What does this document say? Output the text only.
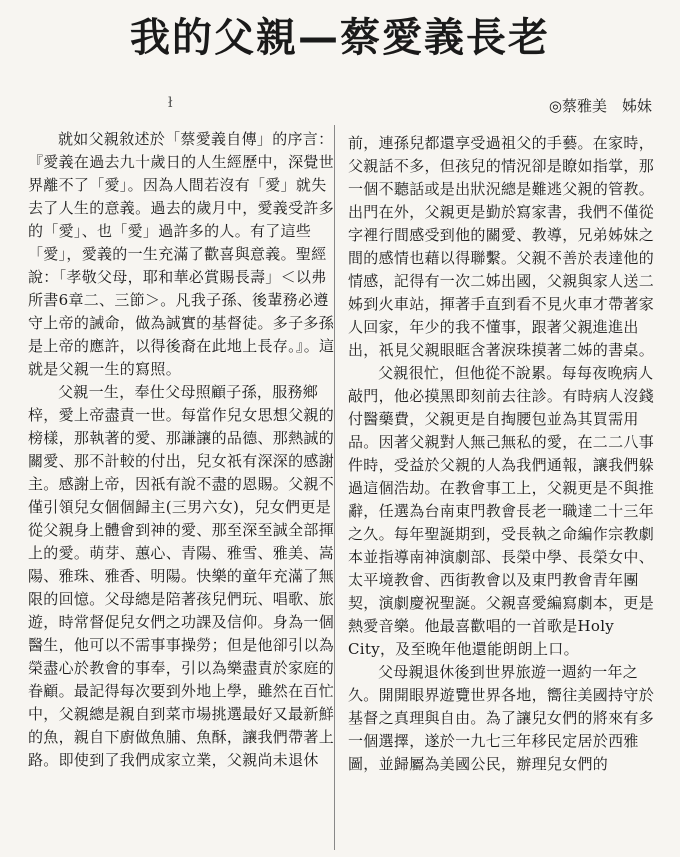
我的父親—蔡愛義長老
ł	◎蔡雅美　姊妹

就如父親敘述於「蔡愛義自傳」的序言：『愛義在過去九十歲日的人生經歷中，深覺世界離不了「愛」。因為人間若沒有「愛」就失去了人生的意義。過去的歲月中，愛義受許多的「愛」、也「愛」過許多的人。有了這些「愛」，愛義的一生充滿了歡喜與意義。聖經說：「孝敬父母，耶和華必賞賜長壽」＜以弗所書6章二、三節＞。凡我子孫、後輩務必遵守上帝的誡命，做為誠實的基督徒。多子多孫是上帝的應許，以得後裔在此地上長存。』。這就是父親一生的寫照。

父親一生，奉仕父母照顧子孫，服務鄉梓，愛上帝盡責一世。每當作兒女思想父親的榜樣，那執著的愛、那謙讓的品德、那熱誠的關愛、那不計較的付出，兒女祇有深深的感謝主。感謝上帝，因祇有說不盡的恩賜。父親不僅引領兒女個個歸主(三男六女)，兒女們更是從父親身上體會到神的愛、那至深至誠全部揮上的愛。萌芽、蕙心、青陽、雅雪、雅美、嵩陽、雅珠、雅香、明陽。快樂的童年充滿了無限的回憶。父母總是陪著孩兒們玩、唱歌、旅遊，時常督促兒女們之功課及信仰。身為一個醫生，他可以不需事事操勞；但是他卻引以為榮盡心於教會的事奉，引以為樂盡責於家庭的眷顧。最記得每次要到外地上學，雖然在百忙中，父親總是親自到菜市場挑選最好又最新鮮的魚，親自下廚做魚脯、魚酥，讓我們帶著上路。即使到了我們成家立業，父親尚未退休

前，連孫兒都還享受過祖父的手藝。在家時，父親話不多，但孩兒的情況卻是瞭如指掌，那一個不聽話或是出狀況總是難逃父親的管教。出門在外，父親更是勤於寫家書，我們不僅從字裡行間感受到他的關愛、教導，兄弟姊妹之間的感情也藉以得聯繫。父親不善於表達他的情感，記得有一次二姊出國，父親與家人送二姊到火車站，揮著手直到看不見火車才帶著家人回家，年少的我不懂事，跟著父親進進出出，祇見父親眼眶含著淚珠摸著二姊的書桌。

父親很忙，但他從不說累。每每夜晚病人敲門，他必摸黑即刻前去往診。有時病人沒錢付醫藥費，父親更是自掏腰包並為其買需用品。因著父親對人無己無私的愛，在二二八事件時，受益於父親的人為我們通報，讓我們躲過這個浩劫。在教會事工上，父親更是不與推辭，任選為台南東門教會長老一職達二十三年之久。每年聖誕期到，受長執之命編作宗教劇本並指導南神演劇部、長榮中學、長榮女中、太平境教會、西街教會以及東門教會青年團契，演劇慶祝聖誕。父親喜愛編寫劇本，更是熱愛音樂。他最喜歡唱的一首歌是Holy City，及至晚年他還能朗朗上口。

父母親退休後到世界旅遊一週約一年之久。開開眼界遊覽世界各地，嚮往美國持守於基督之真理與自由。為了讓兒女們的將來有多一個選擇，遂於一九七三年移民定居於西雅圖，並歸屬為美國公民，辦理兒女們的
